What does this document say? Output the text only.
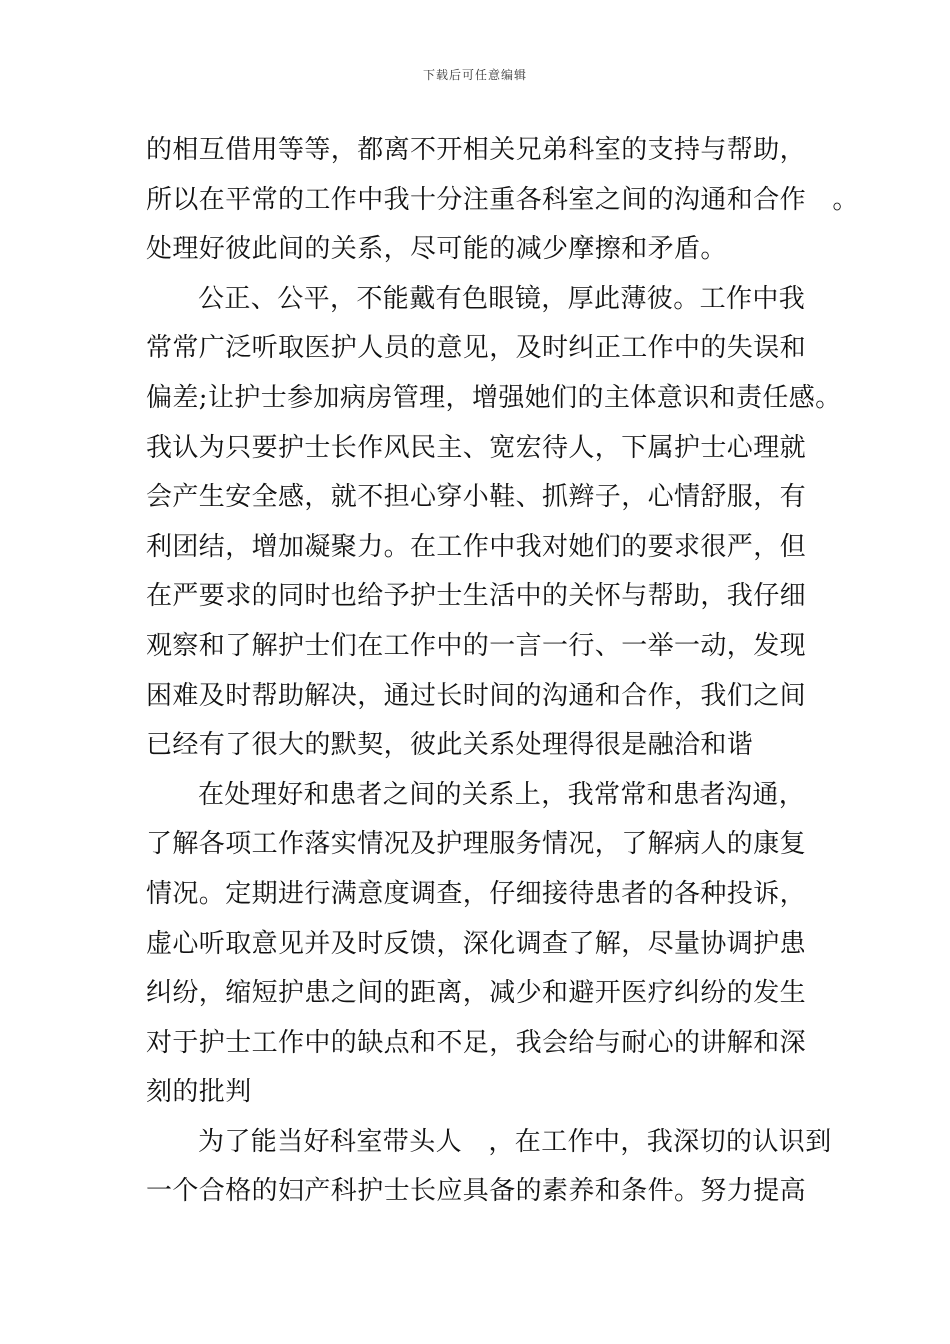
下载后可任意编辑
的相互借用等等，都离不开相关兄弟科室的支持与帮助，
所以在平常的工作中我十分注重各科室之间的沟通和合作　。
处理好彼此间的关系，尽可能的减少摩擦和矛盾。
公正、公平，不能戴有色眼镜，厚此薄彼。工作中我
常常广泛听取医护人员的意见，及时纠正工作中的失误和
偏差;让护士参加病房管理，增强她们的主体意识和责任感。
我认为只要护士长作风民主、宽宏待人，下属护士心理就
会产生安全感，就不担心穿小鞋、抓辫子，心情舒服，有
利团结，增加凝聚力。在工作中我对她们的要求很严，但
在严要求的同时也给予护士生活中的关怀与帮助，我仔细
观察和了解护士们在工作中的一言一行、一举一动，发现
困难及时帮助解决，通过长时间的沟通和合作，我们之间
已经有了很大的默契，彼此关系处理得很是融洽和谐
在处理好和患者之间的关系上，我常常和患者沟通，
了解各项工作落实情况及护理服务情况，了解病人的康复
情况。定期进行满意度调查，仔细接待患者的各种投诉，
虚心听取意见并及时反馈，深化调查了解，尽量协调护患
纠纷，缩短护患之间的距离，减少和避开医疗纠纷的发生
对于护士工作中的缺点和不足，我会给与耐心的讲解和深
刻的批判
为了能当好科室带头人　，在工作中，我深切的认识到
一个合格的妇产科护士长应具备的素养和条件。努力提高
